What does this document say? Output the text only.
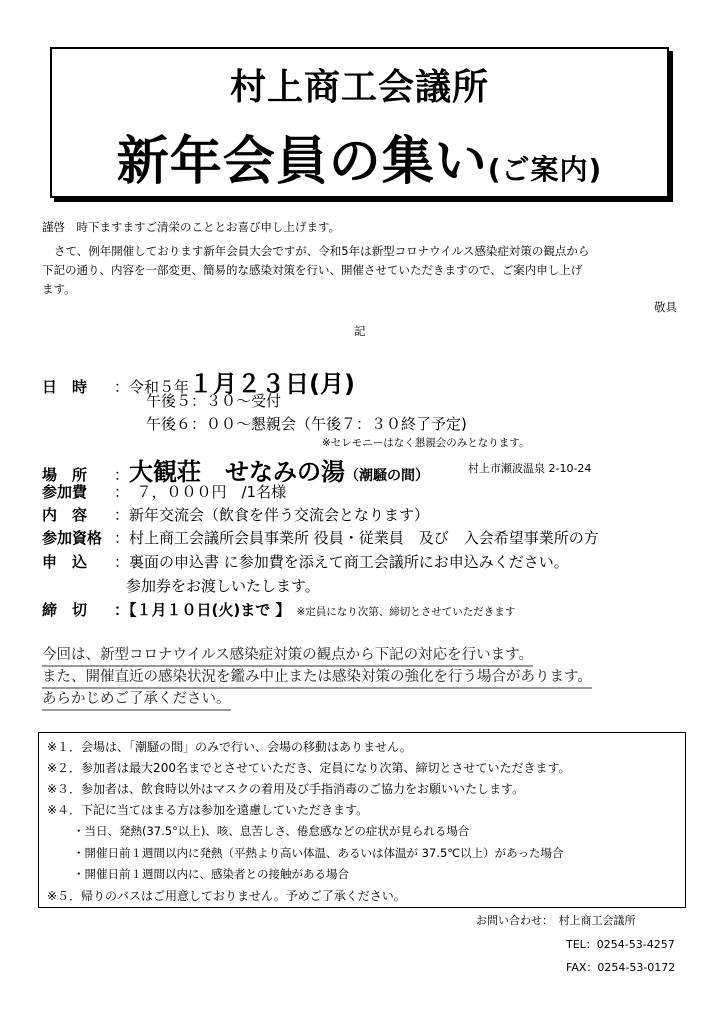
村上商工会議所
新年会員の集い(ご案内)
謹啓　時下ますますご清栄のこととお喜び申し上げます。
さて、例年開催しております新年会員大会ですが、令和5年は新型コロナウイルス感染症対策の観点から
下記の通り、内容を一部変更、簡易的な感染対策を行い、開催させていただきますので、ご案内申し上げ
ます。
敬具
記
日　時 ：令和５年１月２３日(月)
午後５：３０～受付
午後６：００～懇親会（午後７：３０終了予定)
※セレモニーはなく懇親会のみとなります。
場　所 ：大観荘　せなみの湯（潮騒の間）	村上市瀬波温泉 2-10-24
参加費 ：　７，０００円　/1名様
内　容 ：新年交流会（飲食を伴う交流会となります）
参加資格 ：村上商工会議所会員事業所 役員・従業員　及び　入会希望事業所の方
申　込 ：裏面の申込書 に参加費を添えて商工会議所にお申込みください。
参加券をお渡しいたします。
締　切 ：【１月１０日(火)まで 】 ※定員になり次第、締切とさせていただきます
今回は、新型コロナウイルス感染症対策の観点から下記の対応を行います。
また、開催直近の感染状況を鑑み中止または感染対策の強化を行う場合があります。
あらかじめご了承ください。
※１．会場は、「潮騒の間」のみで行い、会場の移動はありません。
※２．参加者は最大200名までとさせていただき、定員になり次第、締切とさせていただきます。
※３．参加者は、飲食時以外はマスクの着用及び手指消毒のご協力をお願いいたします。
※４．下記に当てはまる方は参加を遠慮していただきます。
・当日、発熱(37.5°以上)、咳、息苦しさ、倦怠感などの症状が見られる場合
・開催日前１週間以内に発熱（平熱より高い体温、あるいは体温が 37.5℃以上）があった場合
・開催日前１週間以内に、感染者との接触がある場合
※５．帰りのバスはご用意しておりません。予めご了承ください。
お問い合わせ：　村上商工会議所
TEL：0254-53-4257
FAX：0254-53-0172
